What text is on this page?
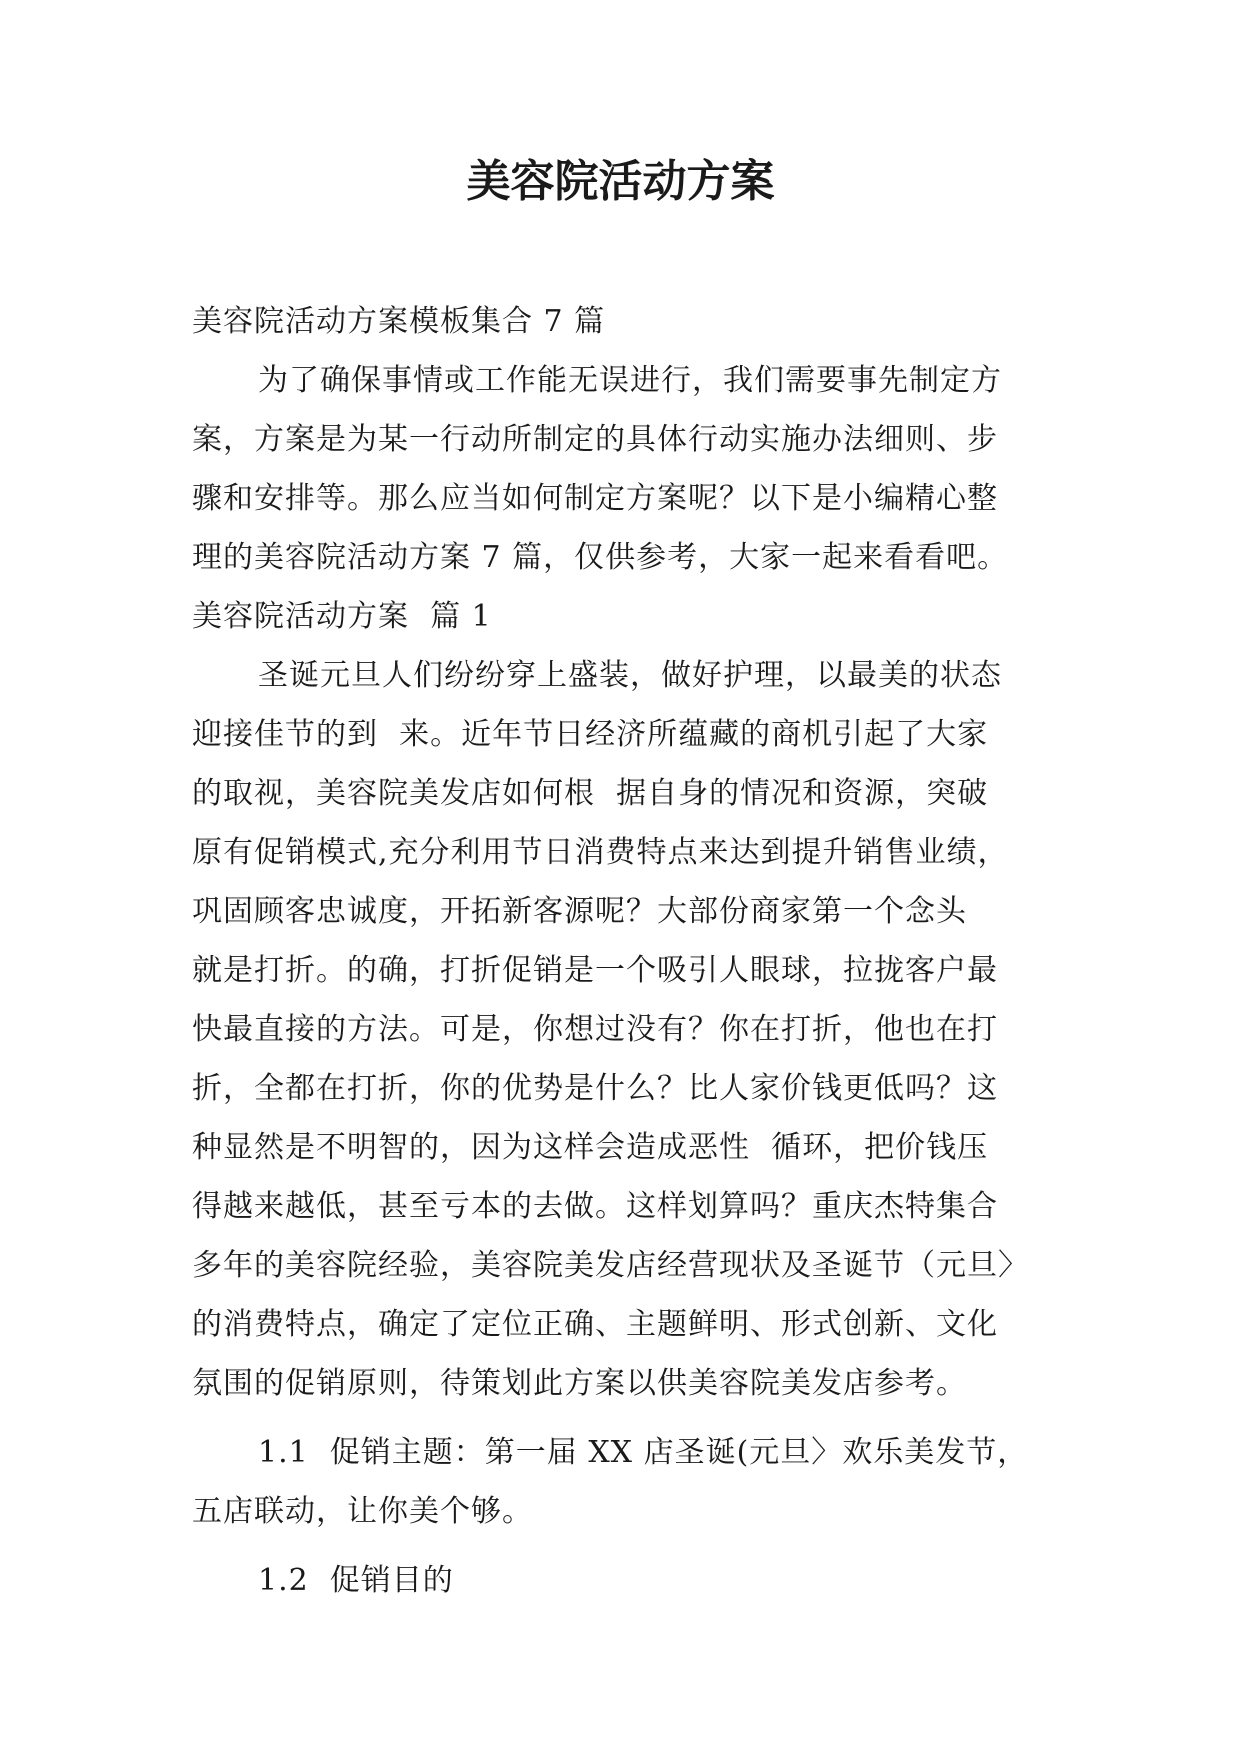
美容院活动方案

美容院活动方案模板集合 7 篇

为了确保事情或工作能无误进行，我们需要事先制定方

案，方案是为某一行动所制定的具体行动实施办法细则、步

骤和安排等。那么应当如何制定方案呢？以下是小编精心整

理的美容院活动方案 7 篇，仅供参考，大家一起来看看吧。

美容院活动方案  篇 1

圣诞元旦人们纷纷穿上盛装，做好护理，以最美的状态

迎接佳节的到  来。近年节日经济所蕴藏的商机引起了大家

的取视，美容院美发店如何根  据自身的情况和资源，突破

原有促销模式,充分利用节日消费特点来达到提升销售业绩，

巩固顾客忠诚度，开拓新客源呢？大部份商家第一个念头

就是打折。的确，打折促销是一个吸引人眼球，拉拢客户最

快最直接的方法。可是，你想过没有？你在打折，他也在打

折，全都在打折，你的优势是什么？比人家价钱更低吗？这

种显然是不明智的，因为这样会造成恶性  循环，把价钱压

得越来越低，甚至亏本的去做。这样划算吗？重庆杰特集合

多年的美容院经验，美容院美发店经营现状及圣诞节（元旦〉

的消费特点，确定了定位正确、主题鲜明、形式创新、文化

氛围的促销原则，待策划此方案以供美容院美发店参考。

1.1  促销主题：第一届 XX 店圣诞(元旦〉欢乐美发节，

五店联动，让你美个够。

1.2  促销目的
